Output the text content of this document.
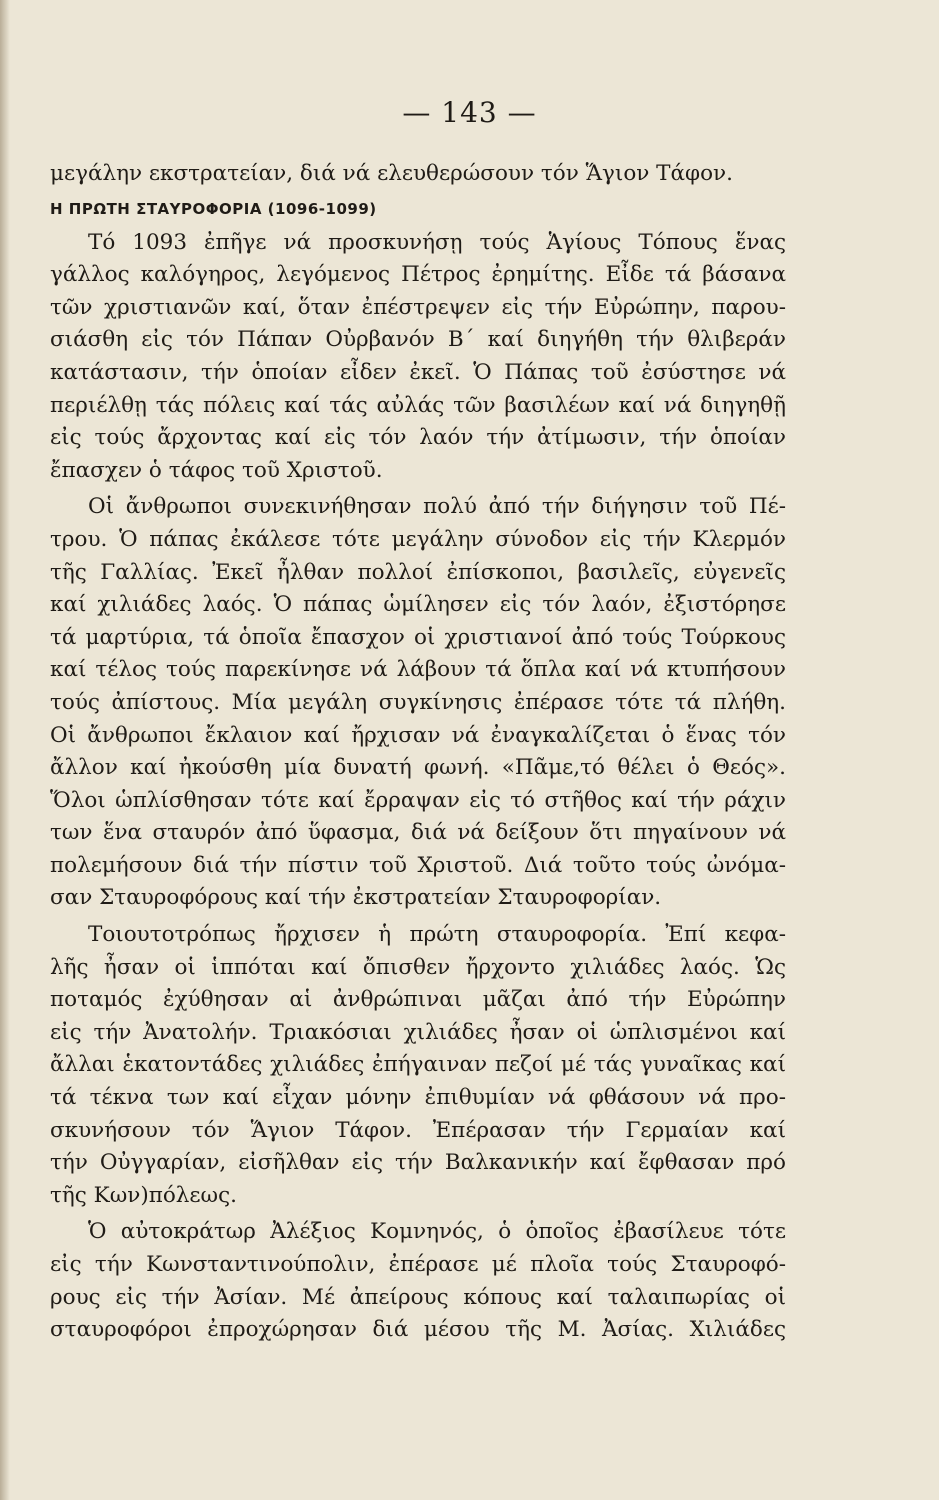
— 143 —
μεγάλην εκστρατείαν, διά νά ελευθερώσουν τόν Ἅγιον Τάφον.
Η ΠΡΩΤΗ ΣΤΑΥΡΟΦΟΡΙΑ (1096-1099)
Τό 1093 ἐπῆγε νά προσκυνήσῃ τούς Ἁγίους Τόπους ἕνας
γάλλος καλόγηρος, λεγόμενος Πέτρος ἐρημίτης. Εἶδε τά βάσανα
τῶν χριστιανῶν καί, ὅταν ἐπέστρεψεν εἰς τήν Εὐρώπην, παρου-
σιάσθη εἰς τόν Πάπαν Οὐρβανόν Β΄ καί διηγήθη τήν θλιβεράν
κατάστασιν, τήν ὁποίαν εἶδεν ἐκεῖ. Ὁ Πάπας τοῦ ἐσύστησε νά
περιέλθῃ τάς πόλεις καί τάς αὐλάς τῶν βασιλέων καί νά διηγηθῇ
εἰς τούς ἄρχοντας καί εἰς τόν λαόν τήν ἀτίμωσιν, τήν ὁποίαν
ἔπασχεν ὁ τάφος τοῦ Χριστοῦ.
Οἱ ἄνθρωποι συνεκινήθησαν πολύ ἀπό τήν διήγησιν τοῦ Πέ-
τρου. Ὁ πάπας ἐκάλεσε τότε μεγάλην σύνοδον εἰς τήν Κλερμόν
τῆς Γαλλίας. Ἐκεῖ ἦλθαν πολλοί ἐπίσκοποι, βασιλεῖς, εὐγενεῖς
καί χιλιάδες λαός. Ὁ πάπας ὡμίλησεν εἰς τόν λαόν, ἐξιστόρησε
τά μαρτύρια, τά ὁποῖα ἔπασχον οἱ χριστιανοί ἀπό τούς Τούρκους
καί τέλος τούς παρεκίνησε νά λάβουν τά ὅπλα καί νά κτυπήσουν
τούς ἀπίστους. Μία μεγάλη συγκίνησις ἐπέρασε τότε τά πλήθη.
Οἱ ἄνθρωποι ἔκλαιον καί ἤρχισαν νά ἐναγκαλίζεται ὁ ἕνας τόν
ἄλλον καί ἠκούσθη μία δυνατή φωνή. «Πᾶμε,τό θέλει ὁ Θεός».
Ὅλοι ὡπλίσθησαν τότε καί ἔρραψαν εἰς τό στῆθος καί τήν ράχιν
των ἕνα σταυρόν ἀπό ὕφασμα, διά νά δείξουν ὅτι πηγαίνουν νά
πολεμήσουν διά τήν πίστιν τοῦ Χριστοῦ. Διά τοῦτο τούς ὠνόμα-
σαν Σταυροφόρους καί τήν ἐκστρατείαν Σταυροφορίαν.
Τοιουτοτρόπως ἤρχισεν ἡ πρώτη σταυροφορία. Ἐπί κεφα-
λῆς ἦσαν οἱ ἱππόται καί ὄπισθεν ἤρχοντο χιλιάδες λαός. Ὡς
ποταμός ἐχύθησαν αἱ ἀνθρώπιναι μᾶζαι ἀπό τήν Εὐρώπην
εἰς τήν Ἀνατολήν. Τριακόσιαι χιλιάδες ἦσαν οἱ ὡπλισμένοι καί
ἄλλαι ἑκατοντάδες χιλιάδες ἐπήγαιναν πεζοί μέ τάς γυναῖκας καί
τά τέκνα των καί εἶχαν μόνην ἐπιθυμίαν νά φθάσουν νά προ-
σκυνήσουν τόν Ἅγιον Τάφον. Ἐπέρασαν τήν Γερμαίαν καί
τήν Οὐγγαρίαν, εἰσῆλθαν εἰς τήν Βαλκανικήν καί ἔφθασαν πρό
τῆς Κων)πόλεως.
Ὁ αὐτοκράτωρ Ἀλέξιος Κομνηνός, ὁ ὁποῖος ἐβασίλευε τότε
εἰς τήν Κωνσταντινούπολιν, ἐπέρασε μέ πλοῖα τούς Σταυροφό-
ρους εἰς τήν Ἀσίαν. Μέ ἀπείρους κόπους καί ταλαιπωρίας οἱ
σταυροφόροι ἐπροχώρησαν διά μέσου τῆς Μ. Ἀσίας. Χιλιάδες
